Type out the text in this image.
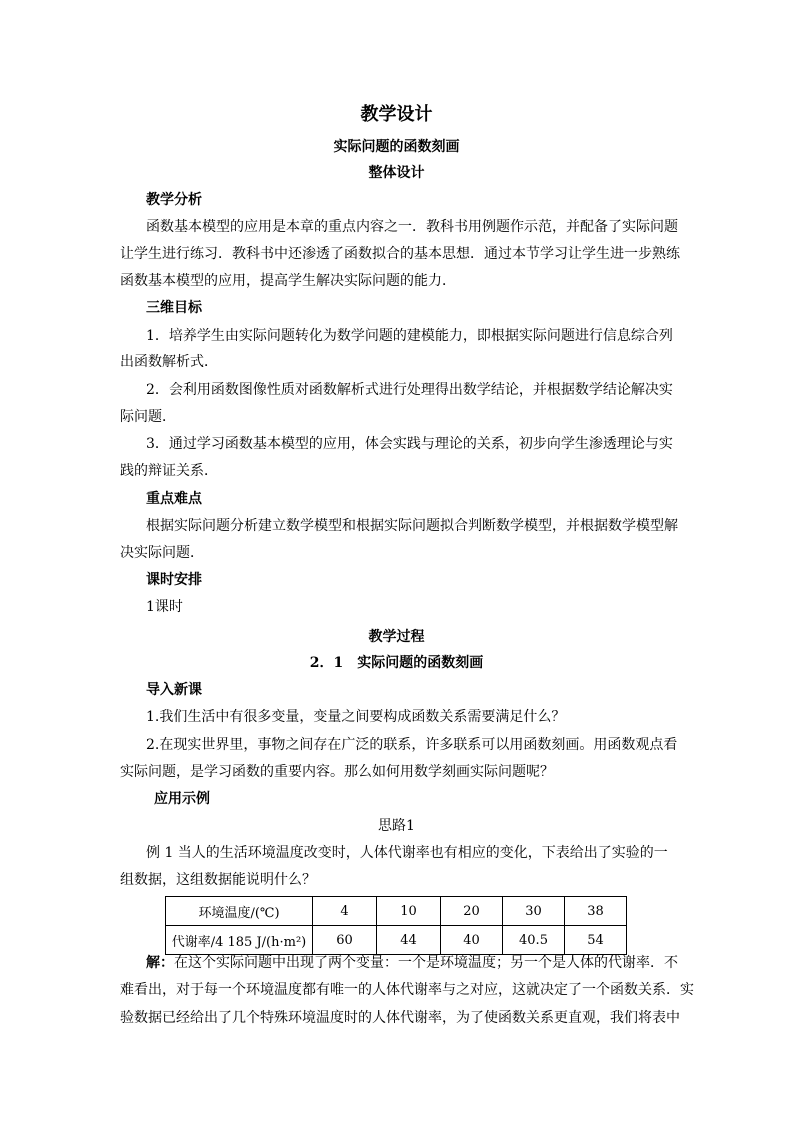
教学设计
实际问题的函数刻画
整体设计
教学分析
函数基本模型的应用是本章的重点内容之一．教科书用例题作示范，并配备了实际问题
让学生进行练习．教科书中还渗透了函数拟合的基本思想．通过本节学习让学生进一步熟练
函数基本模型的应用，提高学生解决实际问题的能力．
三维目标
1．培养学生由实际问题转化为数学问题的建模能力，即根据实际问题进行信息综合列
出函数解析式．
2．会利用函数图像性质对函数解析式进行处理得出数学结论，并根据数学结论解决实
际问题．
3．通过学习函数基本模型的应用，体会实践与理论的关系，初步向学生渗透理论与实
践的辩证关系．
重点难点
根据实际问题分析建立数学模型和根据实际问题拟合判断数学模型，并根据数学模型解
决实际问题．
课时安排
1课时
教学过程
2．1　实际问题的函数刻画
导入新课
1.我们生活中有很多变量，变量之间要构成函数关系需要满足什么？
2.在现实世界里，事物之间存在广泛的联系，许多联系可以用函数刻画。用函数观点看
实际问题，是学习函数的重要内容。那么如何用数学刻画实际问题呢？
应用示例
思路1
例 1 当人的生活环境温度改变时，人体代谢率也有相应的变化，下表给出了实验的一
组数据，这组数据能说明什么？
环境温度/(℃)	4	10	20	30	38
代谢率/4 185 J/(h·m²)	60	44	40	40.5	54
解：在这个实际问题中出现了两个变量：一个是环境温度；另一个是人体的代谢率．不
难看出，对于每一个环境温度都有唯一的人体代谢率与之对应，这就决定了一个函数关系．实
验数据已经给出了几个特殊环境温度时的人体代谢率，为了使函数关系更直观，我们将表中
